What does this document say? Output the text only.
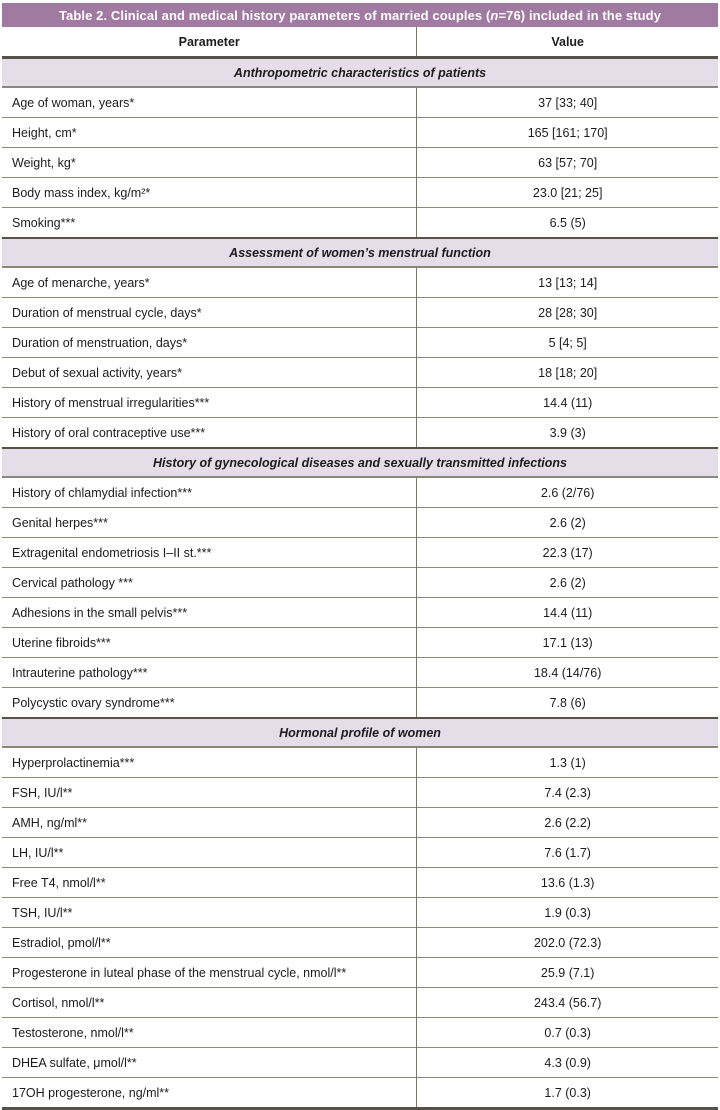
Table 2. Clinical and medical history parameters of married couples (n=76) included in the study
Parameter	Value
Anthropometric characteristics of patients	
Age of woman, years*	37 [33; 40]
Height, cm*	165 [161; 170]
Weight, kg*	63 [57; 70]
Body mass index, kg/m²*	23.0 [21; 25]
Smoking***	6.5 (5)
Assessment of women’s menstrual function	
Age of menarche, years*	13 [13; 14]
Duration of menstrual cycle, days*	28 [28; 30]
Duration of menstruation, days*	5 [4; 5]
Debut of sexual activity, years*	18 [18; 20]
History of menstrual irregularities***	14.4 (11)
History of oral contraceptive use***	3.9 (3)
History of gynecological diseases and sexually transmitted infections	
History of chlamydial infection***	2.6 (2/76)
Genital herpes***	2.6 (2)
Extragenital endometriosis I–II st.***	22.3 (17)
Cervical pathology ***	2.6 (2)
Adhesions in the small pelvis***	14.4 (11)
Uterine fibroids***	17.1 (13)
Intrauterine pathology***	18.4 (14/76)
Polycystic ovary syndrome***	7.8 (6)
Hormonal profile of women	
Hyperprolactinemia***	1.3 (1)
FSH, IU/l**	7.4 (2.3)
AMH, ng/ml**	2.6 (2.2)
LH, IU/l**	7.6 (1.7)
Free T4, nmol/l**	13.6 (1.3)
TSH, IU/l**	1.9 (0.3)
Estradiol, pmol/l**	202.0 (72.3)
Progesterone in luteal phase of the menstrual cycle, nmol/l**	25.9 (7.1)
Cortisol, nmol/l**	243.4 (56.7)
Testosterone, nmol/l**	0.7 (0.3)
DHEA sulfate, μmol/l**	4.3 (0.9)
17OH progesterone, ng/ml**	1.7 (0.3)
